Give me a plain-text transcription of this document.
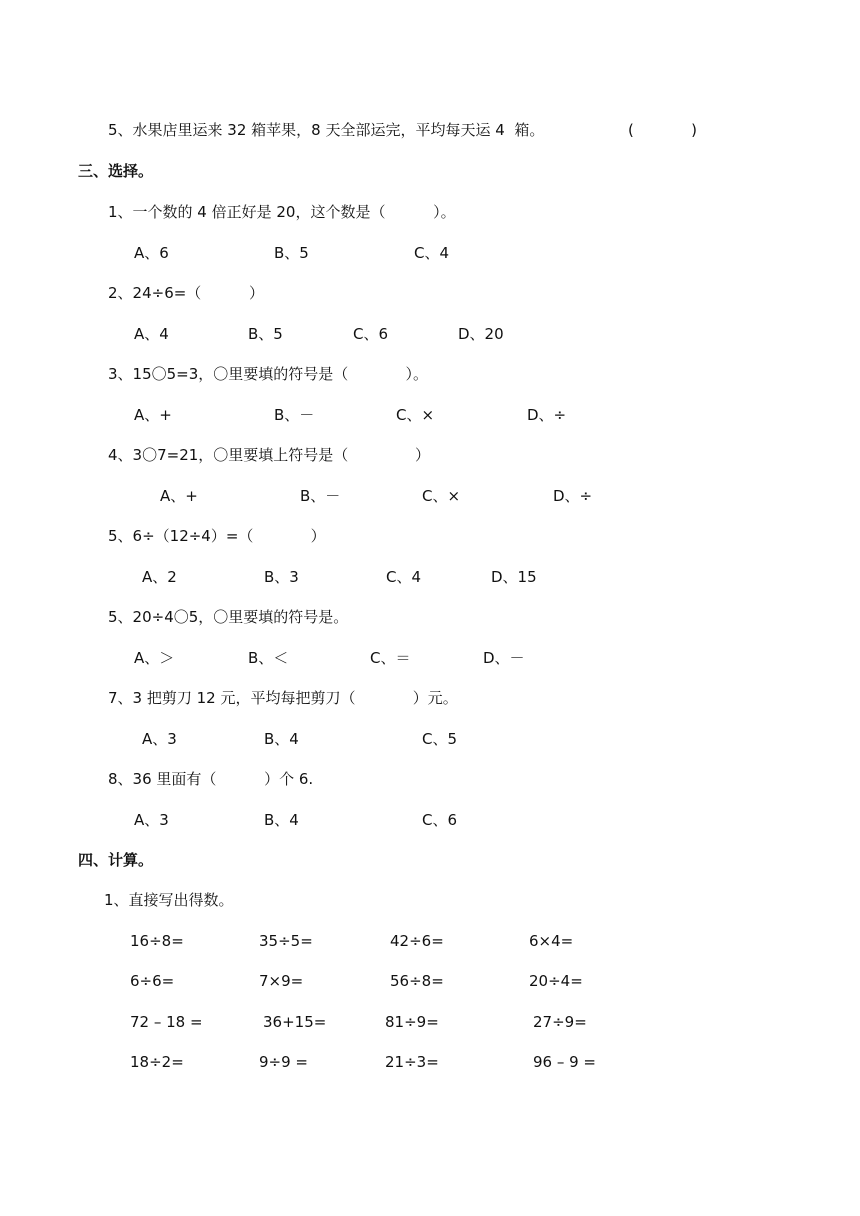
5、水果店里运来 32 箱苹果，8 天全部运完，平均每天运 4  箱。	(            )
三、选择。
1、一个数的 4 倍正好是 20，这个数是（          ）。
A、6	B、5	C、4
2、24÷6=（          ）
A、4	B、5	C、6	D、20
3、15〇5=3，〇里要填的符号是（            ）。
A、+	B、－	C、×	D、÷
4、3〇7=21，〇里要填上符号是（              ）
A、+	B、－	C、×	D、÷
5、6÷（12÷4）=（            ）
A、2	B、3	C、4	D、15
5、20÷4〇5，〇里要填的符号是。
A、＞	B、＜	C、＝	D、－
7、3 把剪刀 12 元，平均每把剪刀（            ）元。
A、3	B、4	C、5
8、36 里面有（          ）个 6.
A、3	B、4	C、6
四、计算。
1、直接写出得数。
16÷8=	35÷5=	42÷6=	6×4=
6÷6=	7×9=	56÷8=	20÷4=
72 – 18 =	36+15=	81÷9=	27÷9=
18÷2=	9÷9 =	21÷3=	96 – 9 =
